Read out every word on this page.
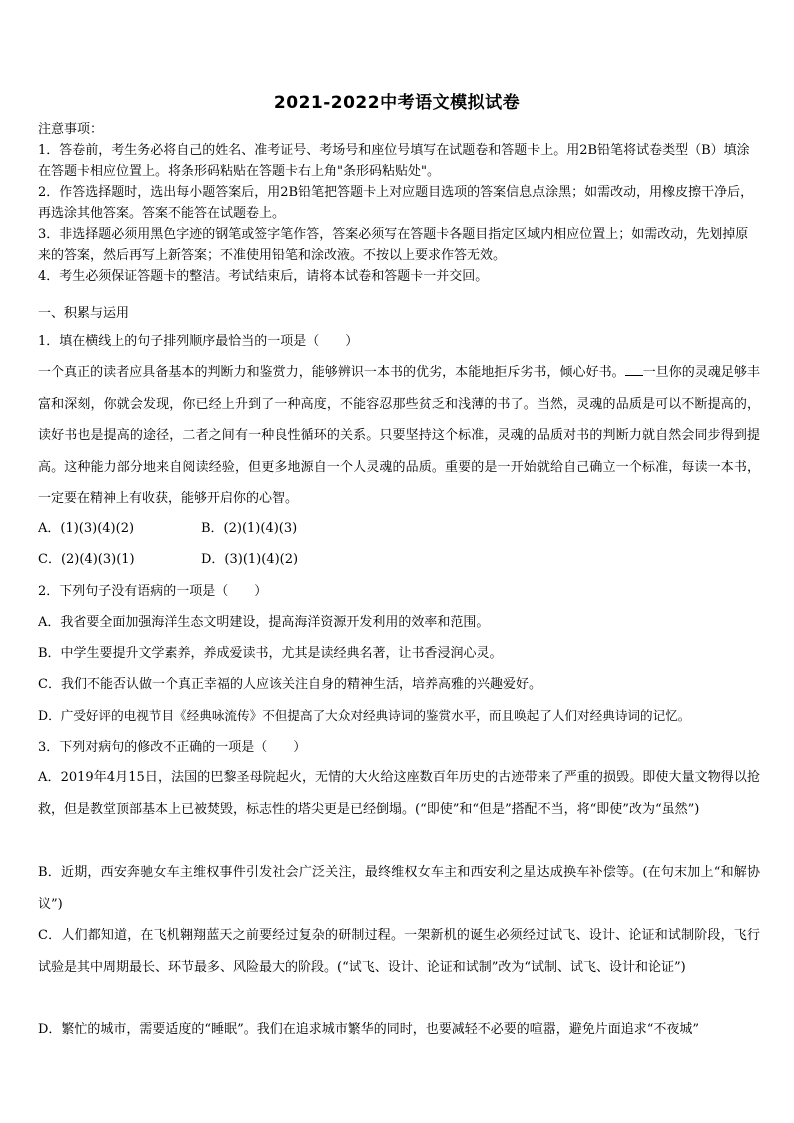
2021-2022中考语文模拟试卷

注意事项：

1．答卷前，考生务必将自己的姓名、准考证号、考场号和座位号填写在试题卷和答题卡上。用2B铅笔将试卷类型（B）填涂在答题卡相应位置上。将条形码粘贴在答题卡右上角"条形码粘贴处"。

2．作答选择题时，选出每小题答案后，用2B铅笔把答题卡上对应题目选项的答案信息点涂黑；如需改动，用橡皮擦干净后，再选涂其他答案。答案不能答在试题卷上。

3．非选择题必须用黑色字迹的钢笔或签字笔作答，答案必须写在答题卡各题目指定区域内相应位置上；如需改动，先划掉原来的答案，然后再写上新答案；不准使用铅笔和涂改液。不按以上要求作答无效。

4．考生必须保证答题卡的整洁。考试结束后，请将本试卷和答题卡一并交回。

一、积累与运用
1．填在横线上的句子排列顺序最恰当的一项是（　　）

一个真正的读者应具备基本的判断力和鉴赏力，能够辨识一本书的优劣，本能地拒斥劣书，倾心好书。 一旦你的灵魂足够丰富和深刻，你就会发现，你已经上升到了一种高度，不能容忍那些贫乏和浅薄的书了。当然，灵魂的品质是可以不断提高的，读好书也是提高的途径，二者之间有一种良性循环的关系。只要坚持这个标准，灵魂的品质对书的判断力就自然会同步得到提高。这种能力部分地来自阅读经验，但更多地源自一个人灵魂的品质。重要的是一开始就给自己确立一个标准，每读一本书，一定要在精神上有收获，能够开启你的心智。

A．(1)(3)(4)(2)	B．(2)(1)(4)(3)
C．(2)(4)(3)(1)	D．(3)(1)(4)(2)
2．下列句子没有语病的一项是（　　）
A．我省要全面加强海洋生态文明建设，提高海洋资源开发利用的效率和范围。
B．中学生要提升文学素养，养成爱读书，尤其是读经典名著，让书香浸润心灵。
C．我们不能否认做一个真正幸福的人应该关注自身的精神生活，培养高雅的兴趣爱好。
D．广受好评的电视节目《经典咏流传》不但提高了大众对经典诗词的鉴赏水平，而且唤起了人们对经典诗词的记忆。
3．下列对病句的修改不正确的一项是（　　）

A．2019年4月15日，法国的巴黎圣母院起火，无情的大火给这座数百年历史的古迹带来了严重的损毁。即使大量文物得以抢救，但是教堂顶部基本上已被焚毁，标志性的塔尖更是已经倒塌。(“即使”和“但是”搭配不当，将“即使”改为“虽然”)

B．近期，西安奔驰女车主维权事件引发社会广泛关注，最终维权女车主和西安利之星达成换车补偿等。(在句末加上“和解协议”)

C．人们都知道，在飞机翱翔蓝天之前要经过复杂的研制过程。一架新机的诞生必须经过试飞、设计、论证和试制阶段，飞行试验是其中周期最长、环节最多、风险最大的阶段。(“试飞、设计、论证和试制”改为“试制、试飞、设计和论证”)

D．繁忙的城市，需要适度的“睡眠”。我们在追求城市繁华的同时，也要减轻不必要的喧嚣，避免片面追求“不夜城”
